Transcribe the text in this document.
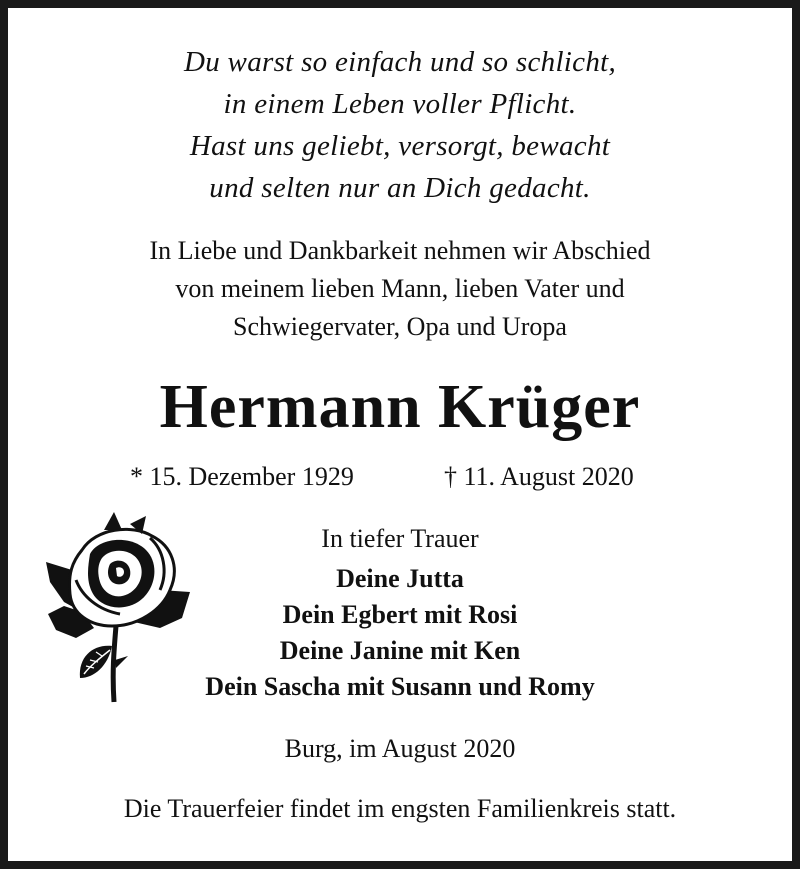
Du warst so einfach und so schlicht,
in einem Leben voller Pflicht.
Hast uns geliebt, versorgt, bewacht
und selten nur an Dich gedacht.
In Liebe und Dankbarkeit nehmen wir Abschied
von meinem lieben Mann, lieben Vater und
Schwiegervater, Opa und Uropa
Hermann Krüger
* 15. Dezember 1929	† 11. August 2020
In tiefer Trauer
Deine Jutta
Dein Egbert mit Rosi
Deine Janine mit Ken
Dein Sascha mit Susann und Romy
Burg, im August 2020
Die Trauerfeier findet im engsten Familienkreis statt.
